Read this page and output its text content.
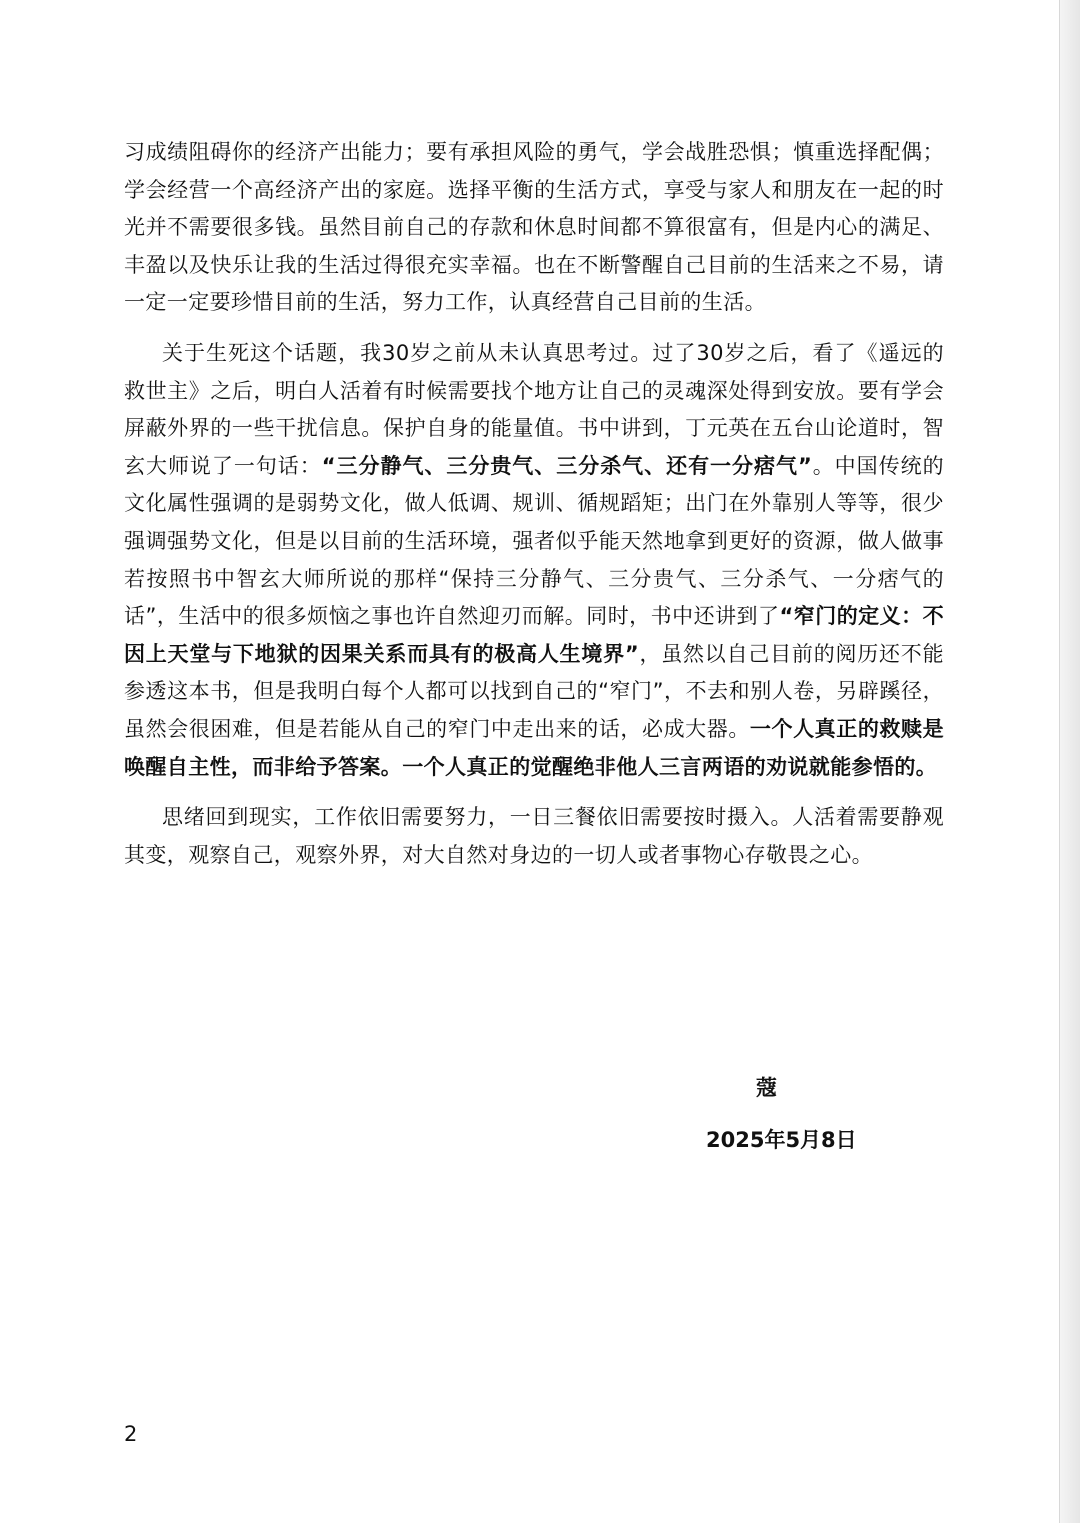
习成绩阻碍你的经济产出能力；要有承担风险的勇气，学会战胜恐惧；慎重选择配偶；学会经营一个高经济产出的家庭。选择平衡的生活方式，享受与家人和朋友在一起的时光并不需要很多钱。虽然目前自己的存款和休息时间都不算很富有，但是内心的满足、丰盈以及快乐让我的生活过得很充实幸福。也在不断警醒自己目前的生活来之不易，请一定一定要珍惜目前的生活，努力工作，认真经营自己目前的生活。

关于生死这个话题，我30岁之前从未认真思考过。过了30岁之后，看了《遥远的救世主》之后，明白人活着有时候需要找个地方让自己的灵魂深处得到安放。要有学会屏蔽外界的一些干扰信息。保护自身的能量值。书中讲到，丁元英在五台山论道时，智玄大师说了一句话：“三分静气、三分贵气、三分杀气、还有一分痞气”。中国传统的文化属性强调的是弱势文化，做人低调、规训、循规蹈矩；出门在外靠别人等等，很少强调强势文化，但是以目前的生活环境，强者似乎能天然地拿到更好的资源，做人做事若按照书中智玄大师所说的那样“保持三分静气、三分贵气、三分杀气、一分痞气的话”，生活中的很多烦恼之事也许自然迎刃而解。同时，书中还讲到了“窄门的定义：不因上天堂与下地狱的因果关系而具有的极高人生境界”，虽然以自己目前的阅历还不能参透这本书，但是我明白每个人都可以找到自己的“窄门”，不去和别人卷，另辟蹊径，虽然会很困难，但是若能从自己的窄门中走出来的话，必成大器。一个人真正的救赎是唤醒自主性，而非给予答案。一个人真正的觉醒绝非他人三言两语的劝说就能参悟的。

思绪回到现实，工作依旧需要努力，一日三餐依旧需要按时摄入。人活着需要静观其变，观察自己，观察外界，对大自然对身边的一切人或者事物心存敬畏之心。

蔻
2025年5月8日
2
